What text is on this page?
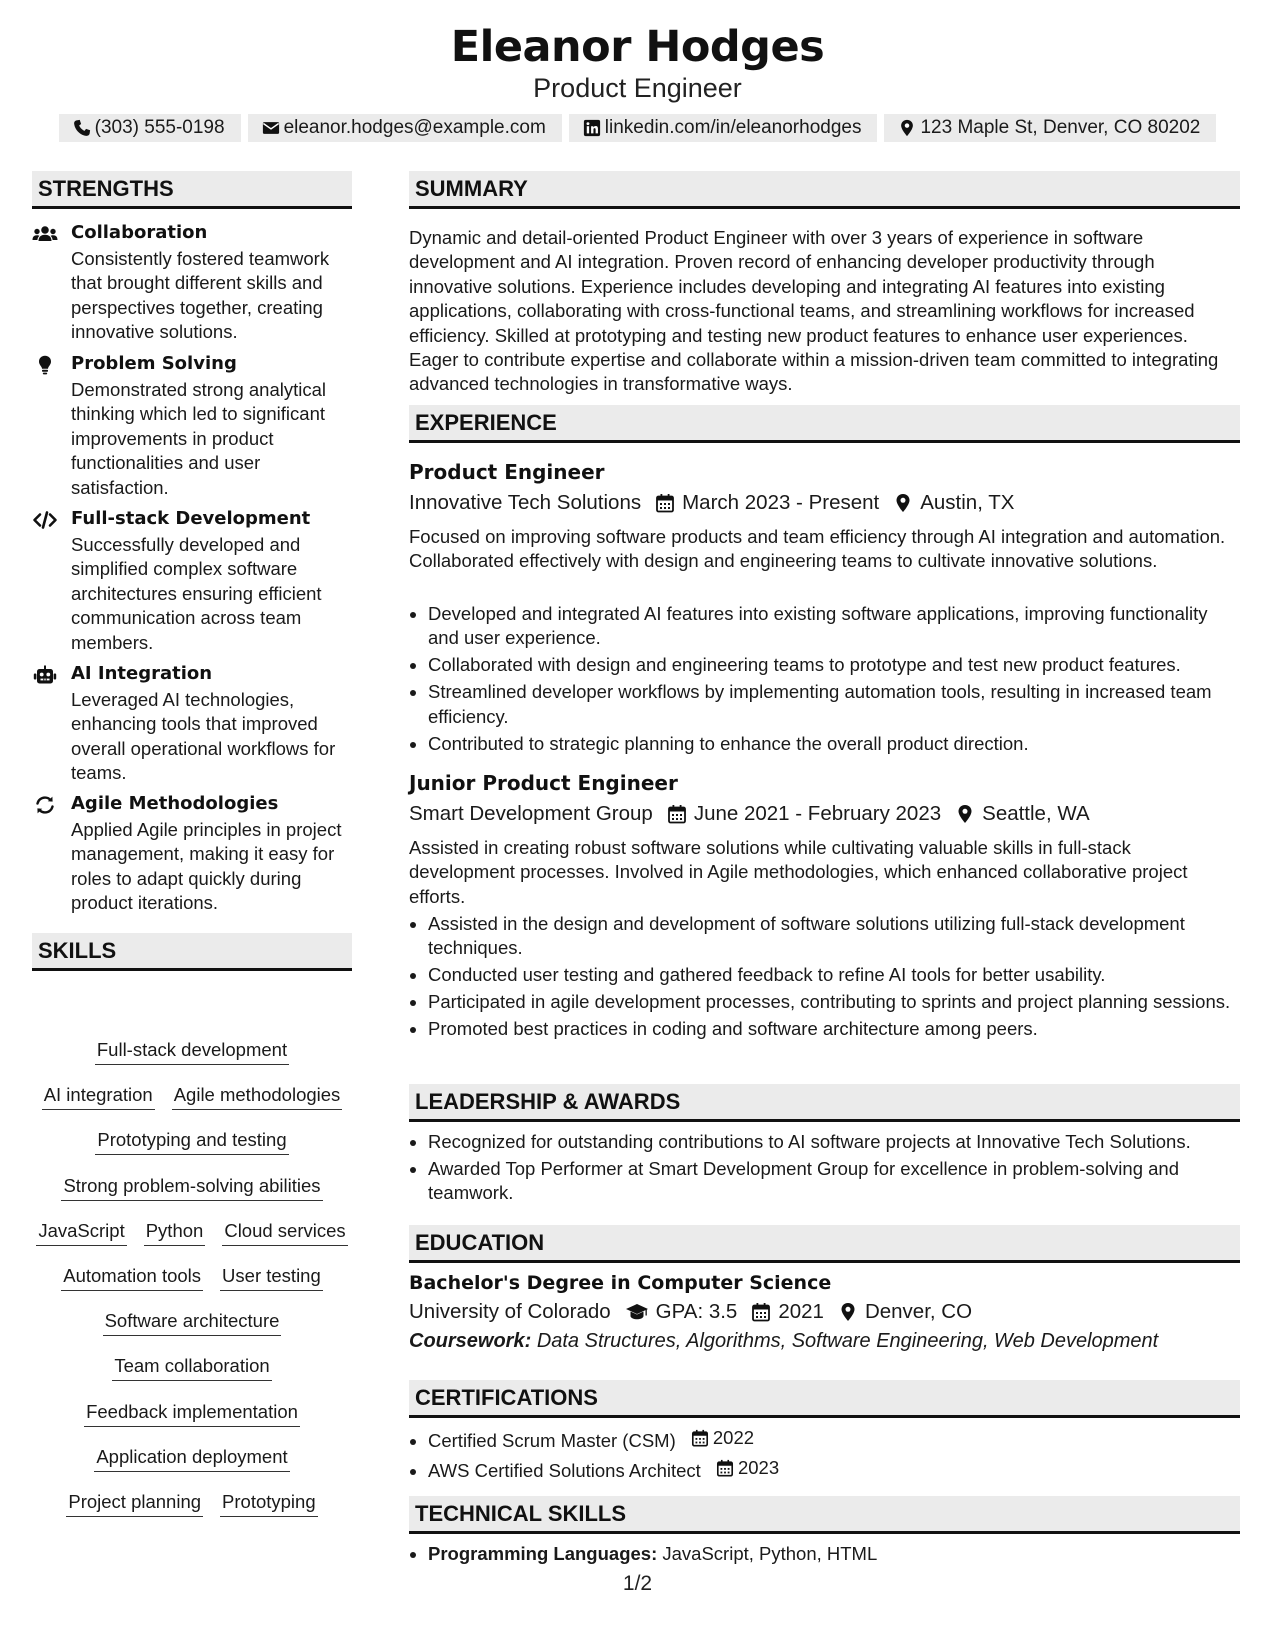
Eleanor Hodges
Product Engineer
(303) 555-0198	eleanor.hodges@example.com	linkedin.com/in/eleanorhodges	123 Maple St, Denver, CO 80202
STRENGTHS
Collaboration
Consistently fostered teamwork that brought different skills and perspectives together, creating innovative solutions.
Problem Solving
Demonstrated strong analytical thinking which led to significant improvements in product functionalities and user satisfaction.
Full-stack Development
Successfully developed and simplified complex software architectures ensuring efficient communication across team members.
AI Integration
Leveraged AI technologies, enhancing tools that improved overall operational workflows for teams.
Agile Methodologies
Applied Agile principles in project management, making it easy for roles to adapt quickly during product iterations.
SKILLS
Full-stack development
AI integration Agile methodologies
Prototyping and testing
Strong problem-solving abilities
JavaScript Python Cloud services
Automation tools User testing
Software architecture
Team collaboration
Feedback implementation
Application deployment
Project planning Prototyping
SUMMARY
Dynamic and detail-oriented Product Engineer with over 3 years of experience in software development and AI integration. Proven record of enhancing developer productivity through innovative solutions. Experience includes developing and integrating AI features into existing applications, collaborating with cross-functional teams, and streamlining workflows for increased efficiency. Skilled at prototyping and testing new product features to enhance user experiences. Eager to contribute expertise and collaborate within a mission-driven team committed to integrating advanced technologies in transformative ways.
EXPERIENCE
Product Engineer
Innovative Tech Solutions March 2023 - Present Austin, TX
Focused on improving software products and team efficiency through AI integration and automation. Collaborated effectively with design and engineering teams to cultivate innovative solutions.
• Developed and integrated AI features into existing software applications, improving functionality and user experience.
• Collaborated with design and engineering teams to prototype and test new product features.
• Streamlined developer workflows by implementing automation tools, resulting in increased team efficiency.
• Contributed to strategic planning to enhance the overall product direction.
Junior Product Engineer
Smart Development Group June 2021 - February 2023 Seattle, WA
Assisted in creating robust software solutions while cultivating valuable skills in full-stack development processes. Involved in Agile methodologies, which enhanced collaborative project efforts.
• Assisted in the design and development of software solutions utilizing full-stack development techniques.
• Conducted user testing and gathered feedback to refine AI tools for better usability.
• Participated in agile development processes, contributing to sprints and project planning sessions.
• Promoted best practices in coding and software architecture among peers.
LEADERSHIP & AWARDS
• Recognized for outstanding contributions to AI software projects at Innovative Tech Solutions.
• Awarded Top Performer at Smart Development Group for excellence in problem-solving and teamwork.
EDUCATION
Bachelor's Degree in Computer Science
University of Colorado GPA: 3.5 2021 Denver, CO
Coursework: Data Structures, Algorithms, Software Engineering, Web Development
CERTIFICATIONS
• Certified Scrum Master (CSM) 2022
• AWS Certified Solutions Architect 2023
TECHNICAL SKILLS
• Programming Languages: JavaScript, Python, HTML
1/2
